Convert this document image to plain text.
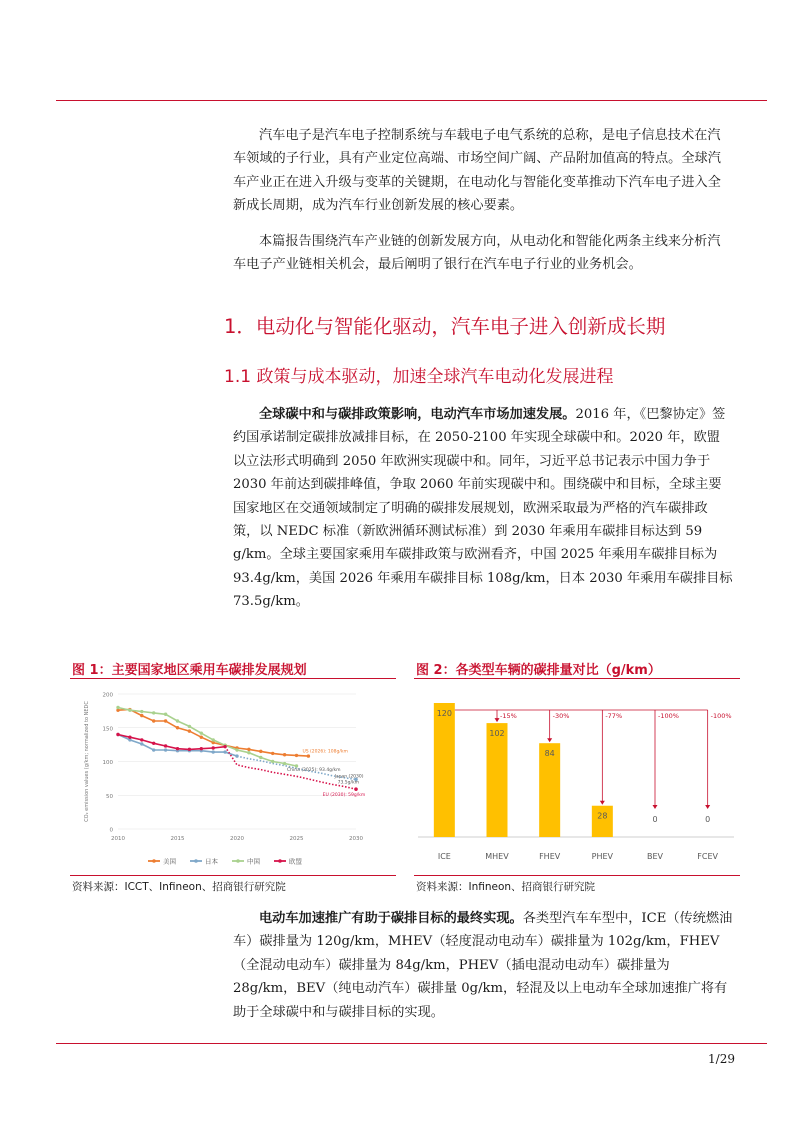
汽车电子是汽车电子控制系统与车载电子电气系统的总称，是电子信息技术在汽车领域的子行业，具有产业定位高端、市场空间广阔、产品附加值高的特点。全球汽车产业正在进入升级与变革的关键期，在电动化与智能化变革推动下汽车电子进入全新成长周期，成为汽车行业创新发展的核心要素。

本篇报告围绕汽车产业链的创新发展方向，从电动化和智能化两条主线来分析汽车电子产业链相关机会，最后阐明了银行在汽车电子行业的业务机会。

1．电动化与智能化驱动，汽车电子进入创新成长期
1.1 政策与成本驱动，加速全球汽车电动化发展进程

全球碳中和与碳排政策影响，电动汽车市场加速发展。2016 年，《巴黎协定》签约国承诺制定碳排放减排目标，在 2050-2100 年实现全球碳中和。2020 年，欧盟以立法形式明确到 2050 年欧洲实现碳中和。同年，习近平总书记表示中国力争于 2030 年前达到碳排峰值，争取 2060 年前实现碳中和。围绕碳中和目标，全球主要国家地区在交通领域制定了明确的碳排发展规划，欧洲采取最为严格的汽车碳排政策，以 NEDC 标准（新欧洲循环测试标准）到 2030 年乘用车碳排目标达到 59 g/km。全球主要国家乘用车碳排政策与欧洲看齐，中国 2025 年乘用车碳排目标为 93.4g/km，美国 2026 年乘用车碳排目标 108g/km，日本 2030 年乘用车碳排目标 73.5g/km。

图 1：主要国家地区乘用车碳排发展规划
0
50
100
150
200
2010	2015	2020	2025	2030
CO₂ emission values (g/km; normalized to NEDC	US (2026): 108g/km
China (2025): 93.4g/km
Japan (2030) 73.5g/km
EU (2030): 59g/km
美国	日本	中国	欧盟
资料来源：ICCT、Infineon、招商银行研究院
图 2：各类型车辆的碳排量对比（g/km）
120
ICE
102
MHEV
84
FHEV
28
PHEV
0
BEV
0
FCEV
-15%	-30%	-77%	-100%	-100%
资料来源：Infineon、招商银行研究院

电动车加速推广有助于碳排目标的最终实现。各类型汽车车型中，ICE（传统燃油车）碳排量为 120g/km，MHEV（轻度混动电动车）碳排量为 102g/km，FHEV（全混动电动车）碳排量为 84g/km，PHEV（插电混动电动车）碳排量为 28g/km，BEV（纯电动汽车）碳排量 0g/km，轻混及以上电动车全球加速推广将有助于全球碳中和与碳排目标的实现。

1/29
